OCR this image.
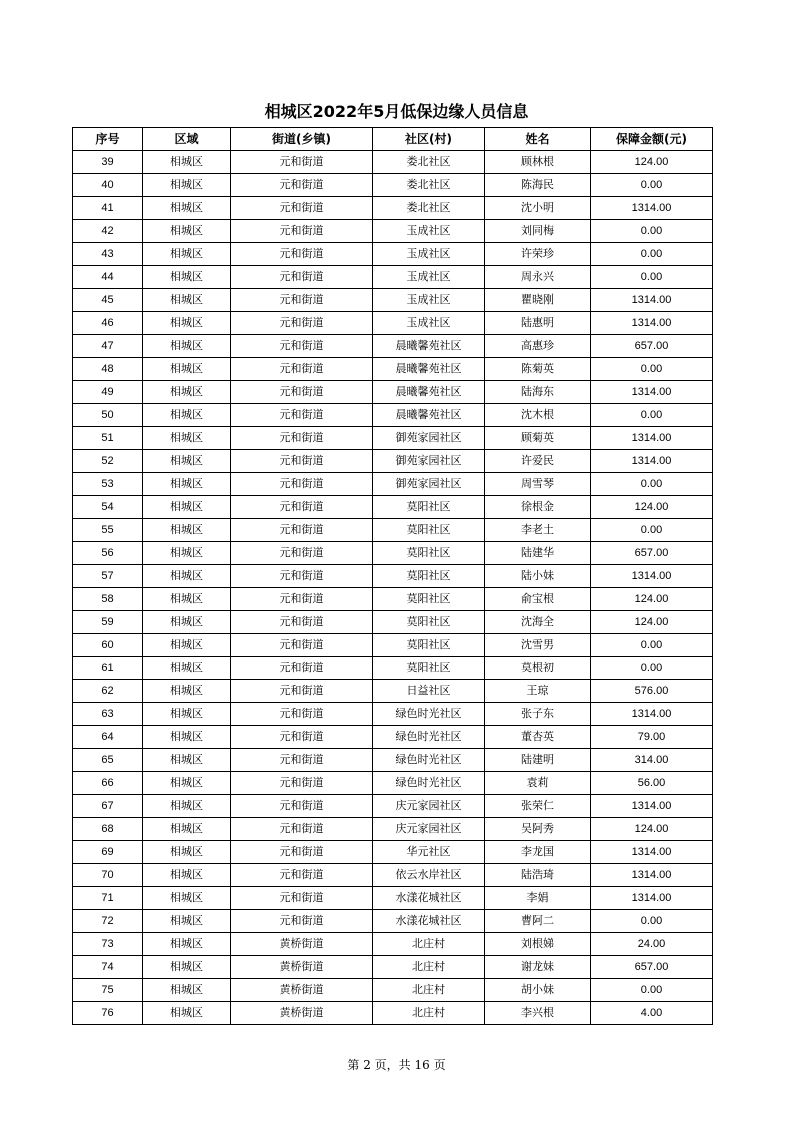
相城区2022年5月低保边缘人员信息
序号	区域	街道(乡镇)	社区(村)	姓名	保障金额(元)
39	相城区	元和街道	娄北社区	顾林根	124.00
40	相城区	元和街道	娄北社区	陈海民	0.00
41	相城区	元和街道	娄北社区	沈小明	1314.00
42	相城区	元和街道	玉成社区	刘同梅	0.00
43	相城区	元和街道	玉成社区	许荣珍	0.00
44	相城区	元和街道	玉成社区	周永兴	0.00
45	相城区	元和街道	玉成社区	瞿晓刚	1314.00
46	相城区	元和街道	玉成社区	陆惠明	1314.00
47	相城区	元和街道	晨曦馨苑社区	高惠珍	657.00
48	相城区	元和街道	晨曦馨苑社区	陈菊英	0.00
49	相城区	元和街道	晨曦馨苑社区	陆海东	1314.00
50	相城区	元和街道	晨曦馨苑社区	沈木根	0.00
51	相城区	元和街道	御苑家园社区	顾菊英	1314.00
52	相城区	元和街道	御苑家园社区	许爱民	1314.00
53	相城区	元和街道	御苑家园社区	周雪琴	0.00
54	相城区	元和街道	莫阳社区	徐根金	124.00
55	相城区	元和街道	莫阳社区	李老土	0.00
56	相城区	元和街道	莫阳社区	陆建华	657.00
57	相城区	元和街道	莫阳社区	陆小妹	1314.00
58	相城区	元和街道	莫阳社区	俞宝根	124.00
59	相城区	元和街道	莫阳社区	沈海全	124.00
60	相城区	元和街道	莫阳社区	沈雪男	0.00
61	相城区	元和街道	莫阳社区	莫根初	0.00
62	相城区	元和街道	日益社区	王琼	576.00
63	相城区	元和街道	绿色时光社区	张子东	1314.00
64	相城区	元和街道	绿色时光社区	董杏英	79.00
65	相城区	元和街道	绿色时光社区	陆建明	314.00
66	相城区	元和街道	绿色时光社区	袁莉	56.00
67	相城区	元和街道	庆元家园社区	张荣仁	1314.00
68	相城区	元和街道	庆元家园社区	吴阿秀	124.00
69	相城区	元和街道	华元社区	李龙国	1314.00
70	相城区	元和街道	依云水岸社区	陆浩琦	1314.00
71	相城区	元和街道	水漾花城社区	李娟	1314.00
72	相城区	元和街道	水漾花城社区	曹阿二	0.00
73	相城区	黄桥街道	北庄村	刘根娣	24.00
74	相城区	黄桥街道	北庄村	谢龙妹	657.00
75	相城区	黄桥街道	北庄村	胡小妹	0.00
76	相城区	黄桥街道	北庄村	李兴根	4.00
第 2 页，共 16 页
